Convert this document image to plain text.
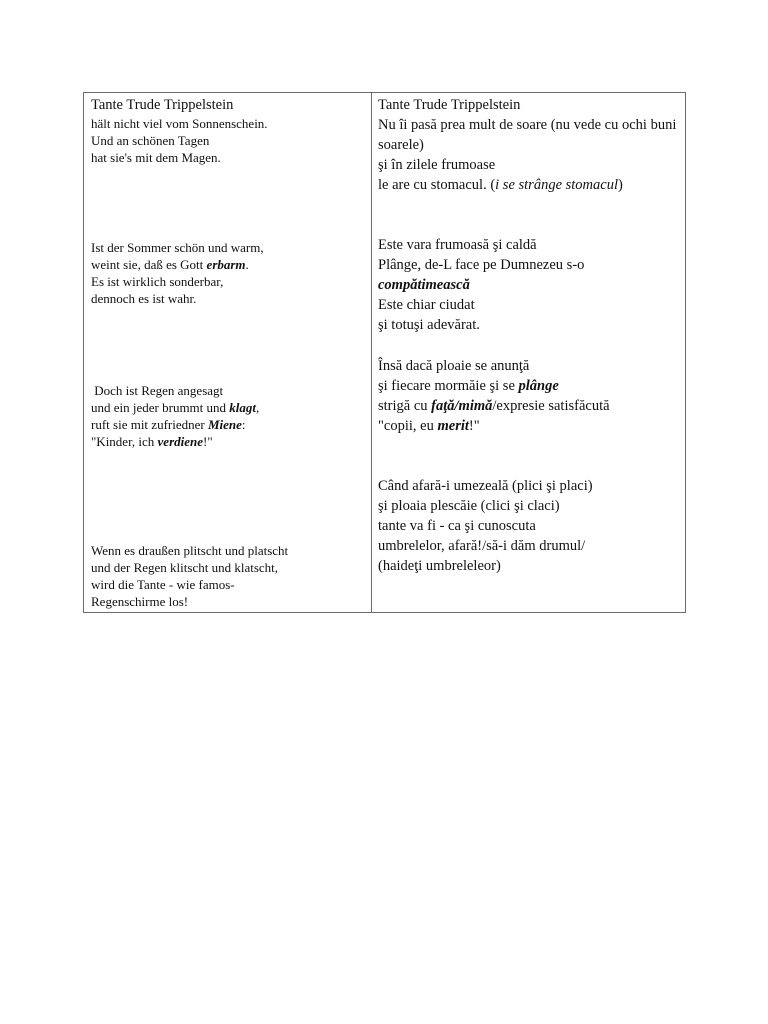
Tante Trude Trippelstein
hält nicht viel vom Sonnenschein.
Und an schönen Tagen
hat sie's mit dem Magen.
Ist der Sommer schön und warm,
weint sie, daß es Gott erbarm.
Es ist wirklich sonderbar,
dennoch es ist wahr.
Doch ist Regen angesagt
und ein jeder brummt und klagt,
ruft sie mit zufriedner Miene:
"Kinder, ich verdiene!"
Wenn es draußen plitscht und platscht
und der Regen klitscht und klatscht,
wird die Tante - wie famos-
Regenschirme los!
Tante Trude Trippelstein
Nu îi pasă prea mult de soare (nu vede cu ochi buni soarele)
şi în zilele frumoase
le are cu stomacul. (i se strânge stomacul)
Este vara frumoasă şi caldă
Plânge, de-L face pe Dumnezeu s-o
compătimească
Este chiar ciudat
şi totuşi adevărat.
Însă dacă ploaie se anunţă
şi fiecare mormăie şi se plânge
strigă cu faţă/mimă/expresie satisfăcută
"copii, eu merit!"
Când afară-i umezeală (plici şi placi)
şi ploaia plescăie (clici şi claci)
tante va fi - ca şi cunoscuta
umbrelelor, afară!/să-i dăm drumul/
(haideţi umbreleleor)
